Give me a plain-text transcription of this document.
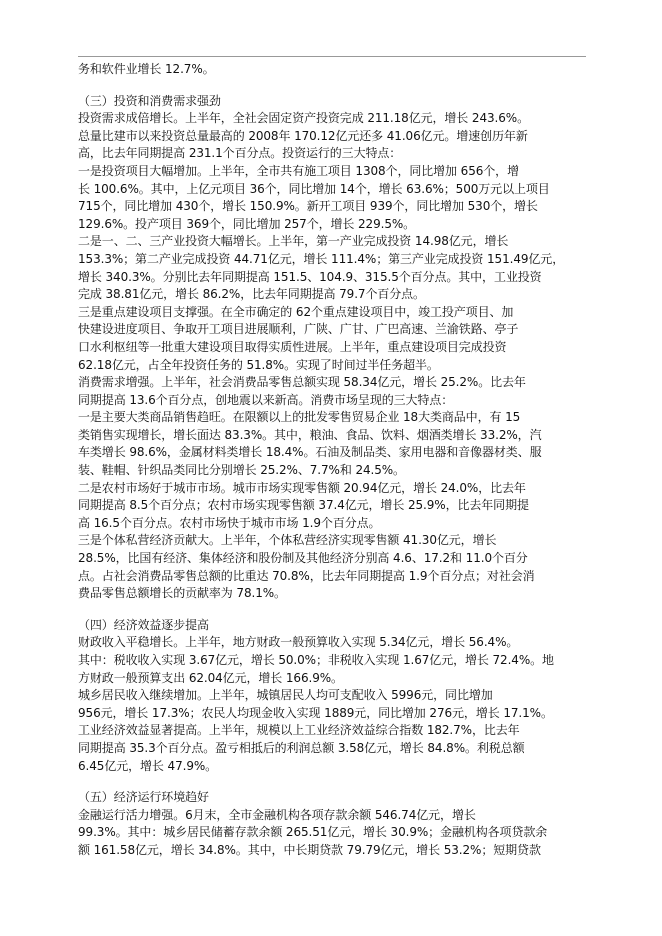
务和软件业增长 12.7%。

（三）投资和消费需求强劲

投资需求成倍增长。上半年，全社会固定资产投资完成 211.18亿元，增长 243.6%。

总量比建市以来投资总量最高的 2008年 170.12亿元还多 41.06亿元。增速创历年新

高，比去年同期提高 231.1个百分点。投资运行的三大特点：

一是投资项目大幅增加。上半年，全市共有施工项目 1308个，同比增加 656个，增

长 100.6%。其中，上亿元项目 36个，同比增加 14个，增长 63.6%；500万元以上项目

715个，同比增加 430个，增长 150.9%。新开工项目 939个，同比增加 530个，增长

129.6%。投产项目 369个，同比增加 257个，增长 229.5%。

二是一、二、三产业投资大幅增长。上半年，第一产业完成投资 14.98亿元，增长

153.3%；第二产业完成投资 44.71亿元，增长 111.4%；第三产业完成投资 151.49亿元，

增长 340.3%。分别比去年同期提高 151.5、104.9、315.5个百分点。其中，工业投资

完成 38.81亿元，增长 86.2%，比去年同期提高 79.7个百分点。

三是重点建设项目支撑强。在全市确定的 62个重点建设项目中，竣工投产项目、加

快建设进度项目、争取开工项目进展顺利，广陕、广甘、广巴高速、兰渝铁路、亭子

口水利枢纽等一批重大建设项目取得实质性进展。上半年，重点建设项目完成投资

62.18亿元，占全年投资任务的 51.8%。实现了时间过半任务超半。

消费需求增强。上半年，社会消费品零售总额实现 58.34亿元，增长 25.2%。比去年

同期提高 13.6个百分点，创地震以来新高。消费市场呈现的三大特点：

一是主要大类商品销售趋旺。在限额以上的批发零售贸易企业 18大类商品中，有 15

类销售实现增长，增长面达 83.3%。其中，粮油、食品、饮料、烟酒类增长 33.2%，汽

车类增长 98.6%，金属材料类增长 18.4%。石油及制品类、家用电器和音像器材类、服

装、鞋帽、针织品类同比分别增长 25.2%、7.7%和 24.5%。

二是农村市场好于城市市场。城市市场实现零售额 20.94亿元，增长 24.0%，比去年

同期提高 8.5个百分点；农村市场实现零售额 37.4亿元，增长 25.9%，比去年同期提

高 16.5个百分点。农村市场快于城市市场 1.9个百分点。

三是个体私营经济贡献大。上半年，个体私营经济实现零售额 41.30亿元，增长

28.5%，比国有经济、集体经济和股份制及其他经济分别高 4.6、17.2和 11.0个百分

点。占社会消费品零售总额的比重达 70.8%，比去年同期提高 1.9个百分点；对社会消

费品零售总额增长的贡献率为 78.1%。

（四）经济效益逐步提高

财政收入平稳增长。上半年，地方财政一般预算收入实现 5.34亿元，增长 56.4%。

其中：税收收入实现 3.67亿元，增长 50.0%；非税收入实现 1.67亿元，增长 72.4%。地

方财政一般预算支出 62.04亿元，增长 166.9%。

城乡居民收入继续增加。上半年，城镇居民人均可支配收入 5996元，同比增加

956元，增长 17.3%；农民人均现金收入实现 1889元，同比增加 276元，增长 17.1%。

工业经济效益显著提高。上半年，规模以上工业经济效益综合指数 182.7%，比去年

同期提高 35.3个百分点。盈亏相抵后的利润总额 3.58亿元，增长 84.8%。利税总额

6.45亿元，增长 47.9%。

（五）经济运行环境趋好

金融运行活力增强。6月末，全市金融机构各项存款余额 546.74亿元，增长

99.3%。其中：城乡居民储蓄存款余额 265.51亿元，增长 30.9%；金融机构各项贷款余

额 161.58亿元，增长 34.8%。其中，中长期贷款 79.79亿元，增长 53.2%；短期贷款
